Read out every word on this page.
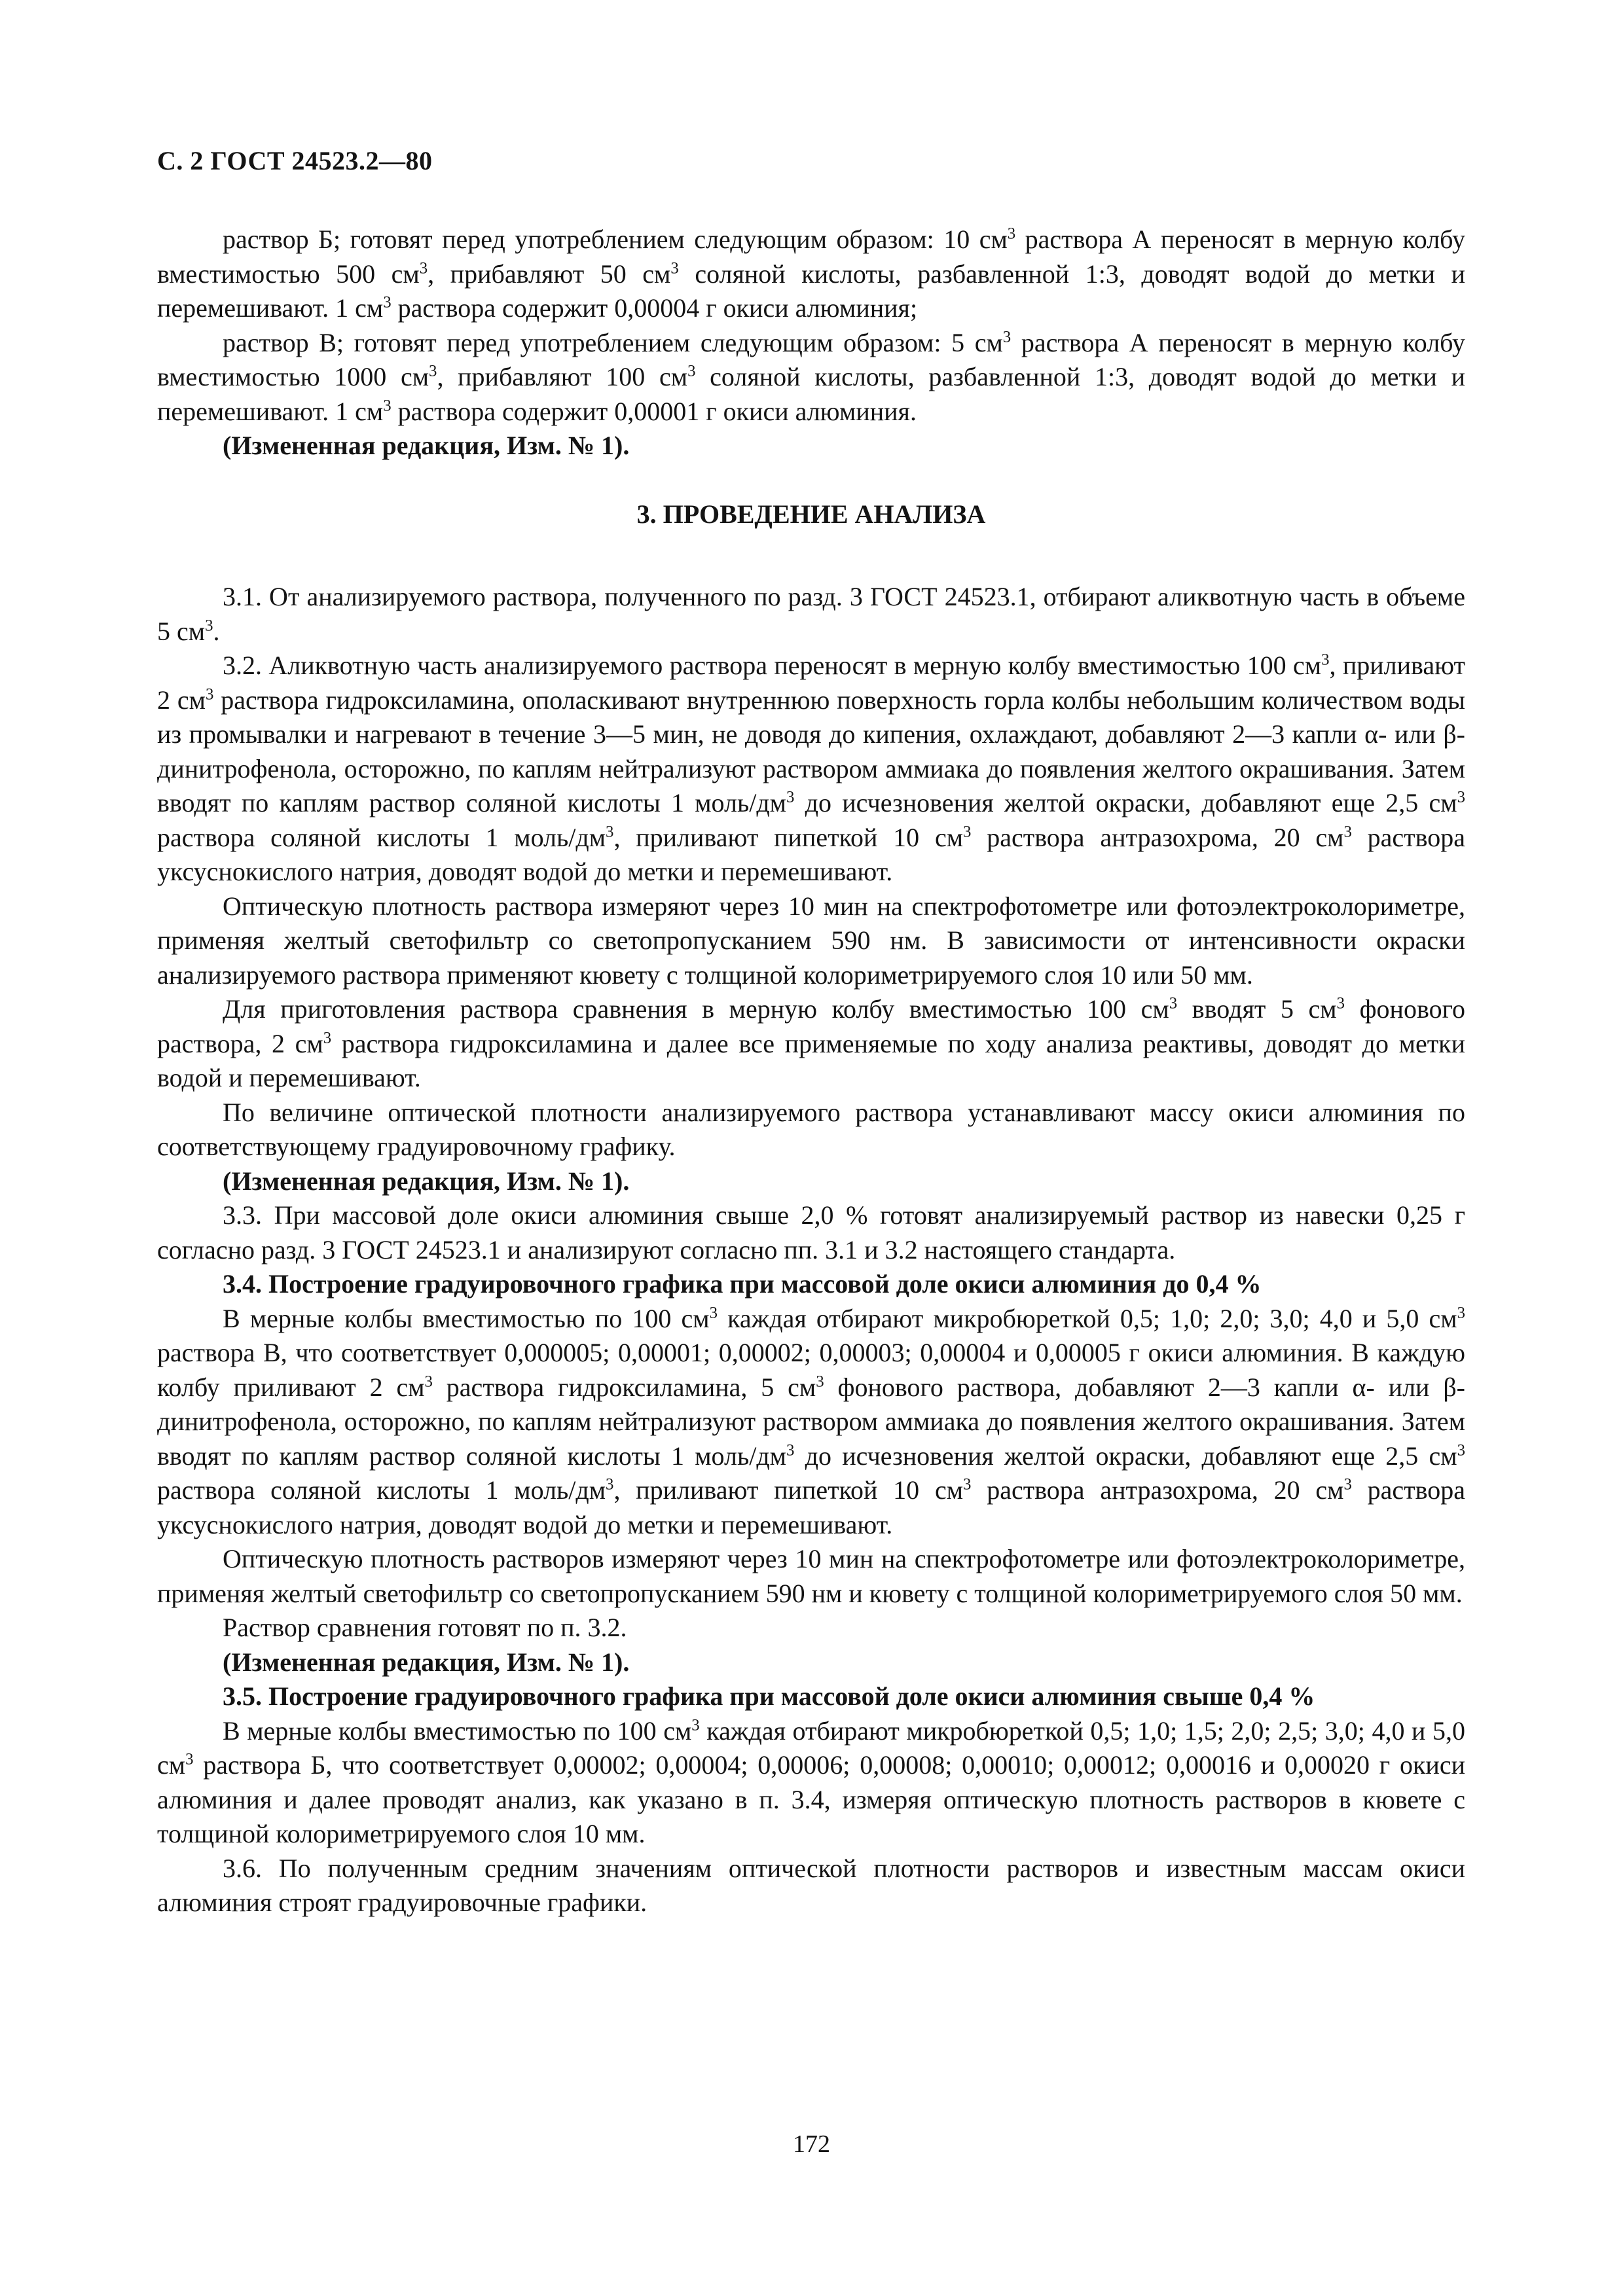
С. 2 ГОСТ 24523.2—80

раствор Б; готовят перед употреблением следующим образом: 10 $см^3$ раствора А переносят в мерную колбу вместимостью 500 $см^3$, прибавляют 50 $см^3$ соляной кислоты, разбавленной 1:3, доводят водой до метки и перемешивают. 1 $см^3$ раствора содержит 0,00004 г окиси алюминия;

раствор В; готовят перед употреблением следующим образом: 5 $см^3$ раствора А переносят в мерную колбу вместимостью 1000 $см^3$, прибавляют 100 $см^3$ соляной кислоты, разбавленной 1:3, доводят водой до метки и перемешивают. 1 $см^3$ раствора содержит 0,00001 г окиси алюминия.

(Измененная редакция, Изм. № 1).

3. ПРОВЕДЕНИЕ АНАЛИЗА

3.1. От анализируемого раствора, полученного по разд. 3 ГОСТ 24523.1, отбирают аликвотную часть в объеме 5 $см^3$.

3.2. Аликвотную часть анализируемого раствора переносят в мерную колбу вместимостью 100 $см^3$, приливают 2 $см^3$ раствора гидроксиламина, ополаскивают внутреннюю поверхность горла колбы небольшим количеством воды из промывалки и нагревают в течение 3—5 мин, не доводя до кипения, охлаждают, добавляют 2—3 капли α- или β-динитрофенола, осторожно, по каплям нейтрализуют раствором аммиака до появления желтого окрашивания. Затем вводят по каплям раствор соляной кислоты 1 моль/$дм^3$ до исчезновения желтой окраски, добавляют еще 2,5 $см^3$ раствора соляной кислоты 1 моль/$дм^3$, приливают пипеткой 10 $см^3$ раствора антразохрома, 20 $см^3$ раствора уксуснокислого натрия, доводят водой до метки и перемешивают.

Оптическую плотность раствора измеряют через 10 мин на спектрофотометре или фотоэлектроколориметре, применяя желтый светофильтр со светопропусканием 590 нм. В зависимости от интенсивности окраски анализируемого раствора применяют кювету с толщиной колориметрируемого слоя 10 или 50 мм.

Для приготовления раствора сравнения в мерную колбу вместимостью 100 $см^3$ вводят 5 $см^3$ фонового раствора, 2 $см^3$ раствора гидроксиламина и далее все применяемые по ходу анализа реактивы, доводят до метки водой и перемешивают.

По величине оптической плотности анализируемого раствора устанавливают массу окиси алюминия по соответствующему градуировочному графику.

(Измененная редакция, Изм. № 1).

3.3. При массовой доле окиси алюминия свыше 2,0 % готовят анализируемый раствор из навески 0,25 г согласно разд. 3 ГОСТ 24523.1 и анализируют согласно пп. 3.1 и 3.2 настоящего стандарта.

3.4. Построение градуировочного графика при массовой доле окиси алюминия до 0,4 %

В мерные колбы вместимостью по 100 $см^3$ каждая отбирают микробюреткой 0,5; 1,0; 2,0; 3,0; 4,0 и 5,0 $см^3$ раствора В, что соответствует 0,000005; 0,00001; 0,00002; 0,00003; 0,00004 и 0,00005 г окиси алюминия. В каждую колбу приливают 2 $см^3$ раствора гидроксиламина, 5 $см^3$ фонового раствора, добавляют 2—3 капли α- или β-динитрофенола, осторожно, по каплям нейтрализуют раствором аммиака до появления желтого окрашивания. Затем вводят по каплям раствор соляной кислоты 1 моль/$дм^3$ до исчезновения желтой окраски, добавляют еще 2,5 $см^3$ раствора соляной кислоты 1 моль/$дм^3$, приливают пипеткой 10 $см^3$ раствора антразохрома, 20 $см^3$ раствора уксуснокислого натрия, доводят водой до метки и перемешивают.

Оптическую плотность растворов измеряют через 10 мин на спектрофотометре или фотоэлектроколориметре, применяя желтый светофильтр со светопропусканием 590 нм и кювету с толщиной колориметрируемого слоя 50 мм.

Раствор сравнения готовят по п. 3.2.

(Измененная редакция, Изм. № 1).

3.5. Построение градуировочного графика при массовой доле окиси алюминия свыше 0,4 %

В мерные колбы вместимостью по 100 $см^3$ каждая отбирают микробюреткой 0,5; 1,0; 1,5; 2,0; 2,5; 3,0; 4,0 и 5,0 $см^3$ раствора Б, что соответствует 0,00002; 0,00004; 0,00006; 0,00008; 0,00010; 0,00012; 0,00016 и 0,00020 г окиси алюминия и далее проводят анализ, как указано в п. 3.4, измеряя оптическую плотность растворов в кювете с толщиной колориметрируемого слоя 10 мм.

3.6. По полученным средним значениям оптической плотности растворов и известным массам окиси алюминия строят градуировочные графики.

172
